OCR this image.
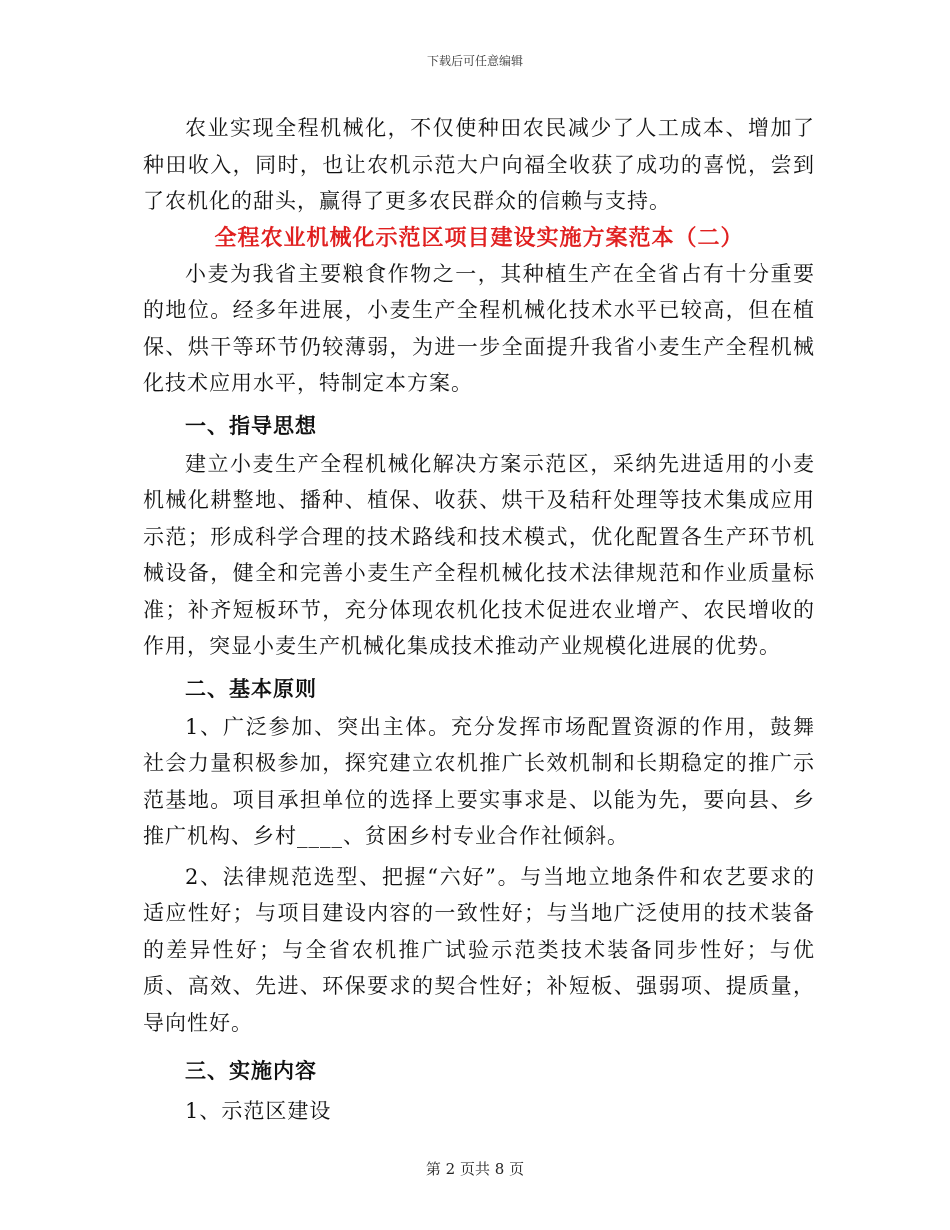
下载后可任意编辑

农业实现全程机械化，不仅使种田农民减少了人工成本、增加了种田收入，同时，也让农机示范大户向福全收获了成功的喜悦，尝到了农机化的甜头，赢得了更多农民群众的信赖与支持。

全程农业机械化示范区项目建设实施方案范本（二）

小麦为我省主要粮食作物之一，其种植生产在全省占有十分重要的地位。经多年进展，小麦生产全程机械化技术水平已较高，但在植保、烘干等环节仍较薄弱，为进一步全面提升我省小麦生产全程机械化技术应用水平，特制定本方案。

一、指导思想

建立小麦生产全程机械化解决方案示范区，采纳先进适用的小麦机械化耕整地、播种、植保、收获、烘干及秸秆处理等技术集成应用示范；形成科学合理的技术路线和技术模式，优化配置各生产环节机械设备，健全和完善小麦生产全程机械化技术法律规范和作业质量标准；补齐短板环节，充分体现农机化技术促进农业增产、农民增收的作用，突显小麦生产机械化集成技术推动产业规模化进展的优势。

二、基本原则

1、广泛参加、突出主体。充分发挥市场配置资源的作用，鼓舞社会力量积极参加，探究建立农机推广长效机制和长期稳定的推广示范基地。项目承担单位的选择上要实事求是、以能为先，要向县、乡推广机构、乡村____、贫困乡村专业合作社倾斜。

2、法律规范选型、把握“六好”。与当地立地条件和农艺要求的适应性好；与项目建设内容的一致性好；与当地广泛使用的技术装备的差异性好；与全省农机推广试验示范类技术装备同步性好；与优质、高效、先进、环保要求的契合性好；补短板、强弱项、提质量，导向性好。

三、实施内容

1、示范区建设

第 2 页共 8 页
